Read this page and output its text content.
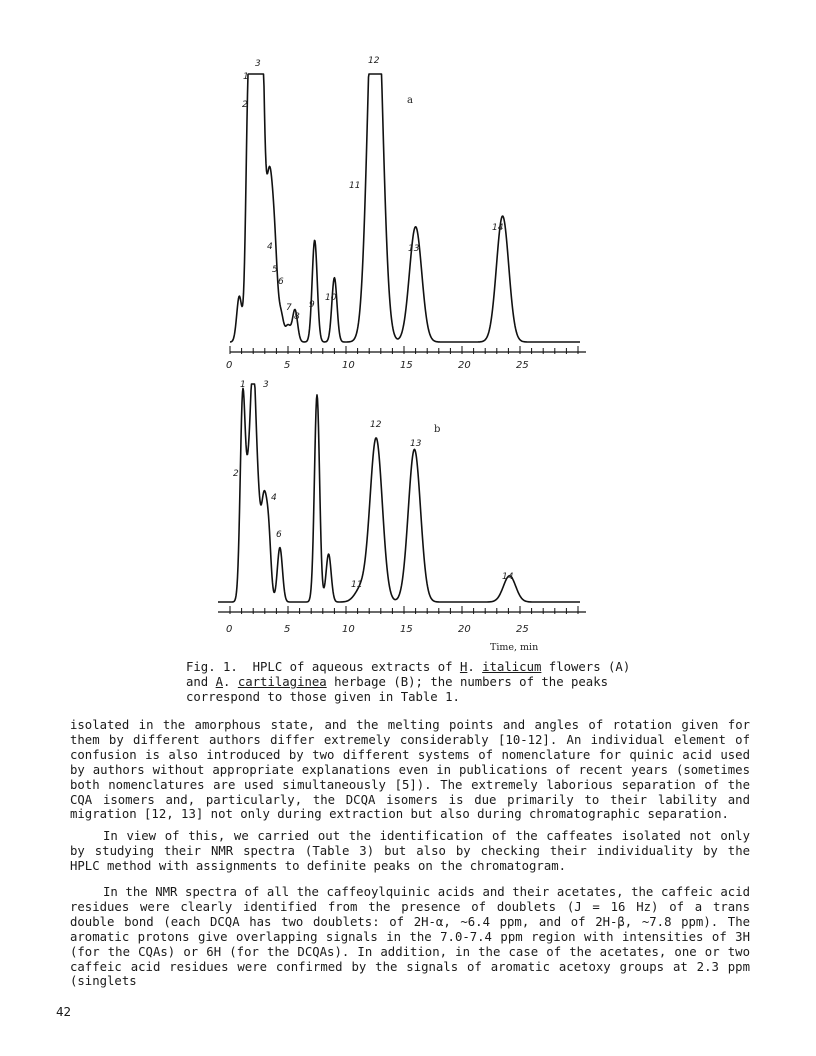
a
1
2
3
4
5
6
7
8
9
10
11
12
13
14
0	5	10	15	20	25
b
1
2
3
4
6
11
12
13
14
0	5	10	15	20	25
Time, min
Fig. 1.  HPLC of aqueous extracts of H. italicum flowers (A)
and A. cartilaginea herbage (B); the numbers of the peaks
correspond to those given in Table 1.

isolated in the amorphous state, and the melting points and angles of rotation given for them by different authors differ extremely considerably [10-12]. An individual element of confusion is also introduced by two different systems of nomenclature for quinic acid used by authors without appropriate explanations even in publications of recent years (sometimes both nomenclatures are used simultaneously [5]). The extremely laborious separation of the CQA isomers and, particularly, the DCQA isomers is due primarily to their lability and migration [12, 13] not only during extraction but also during chromatographic separation.

In view of this, we carried out the identification of the caffeates isolated not only by studying their NMR spectra (Table 3) but also by checking their individuality by the HPLC method with assignments to definite peaks on the chromatogram.

In the NMR spectra of all the caffeoylquinic acids and their acetates, the caffeic acid residues were clearly identified from the presence of doublets (J = 16 Hz) of a trans double bond (each DCQA has two doublets: of 2H-α, ~6.4 ppm, and of 2H-β, ~7.8 ppm). The aromatic protons give overlapping signals in the 7.0-7.4 ppm region with intensities of 3H (for the CQAs) or 6H (for the DCQAs). In addition, in the case of the acetates, one or two caffeic acid residues were confirmed by the signals of aromatic acetoxy groups at 2.3 ppm (singlets

42
